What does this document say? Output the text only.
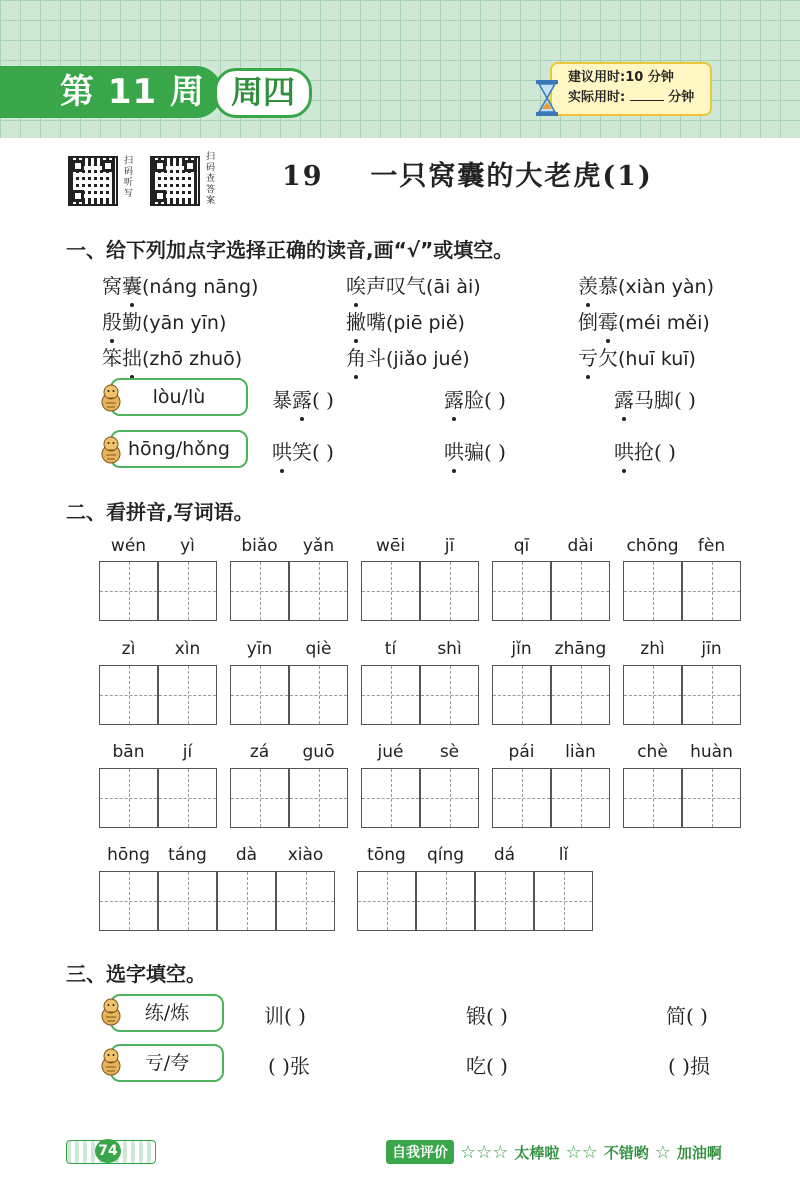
第 11 周 周四	建议用时:10 分钟
实际用时:	分钟
扫码听写
扫码查答案
19 一只窝囊的大老虎(1)
一、给下列加点字选择正确的读音,画“√”或填空。
窝囊(náng nāng)	唉声叹气(āi ài)	羡慕(xiàn yàn)
殷勤(yān yīn)	撇嘴(piē piě)	倒霉(méi měi)
笨拙(zhō zhuō)	角斗(jiǎo jué)	亏欠(huī kuī)
lòu/lù	暴露( )	露脸( )	露马脚( )
hōng/hǒng	哄笑( )	哄骗( )	哄抢( )
二、看拼音,写词语。
wén	yì	biǎo	yǎn	wēi	jī	qī	dài	chōng	fèn
zì	xìn	yīn	qiè	tí	shì	jǐn	zhāng	zhì	jīn
bān	jí	zá	guō	jué	sè	pái	liàn	chè	huàn
hōng	táng	dà	xiào	tōng	qíng	dá	lǐ
三、选字填空。
练/炼	训( )	锻( )	简( )
亏/夸	( )张	吃( )	( )损
74	自我评价 ☆☆☆ 太棒啦 ☆☆ 不错哟 ☆ 加油啊
